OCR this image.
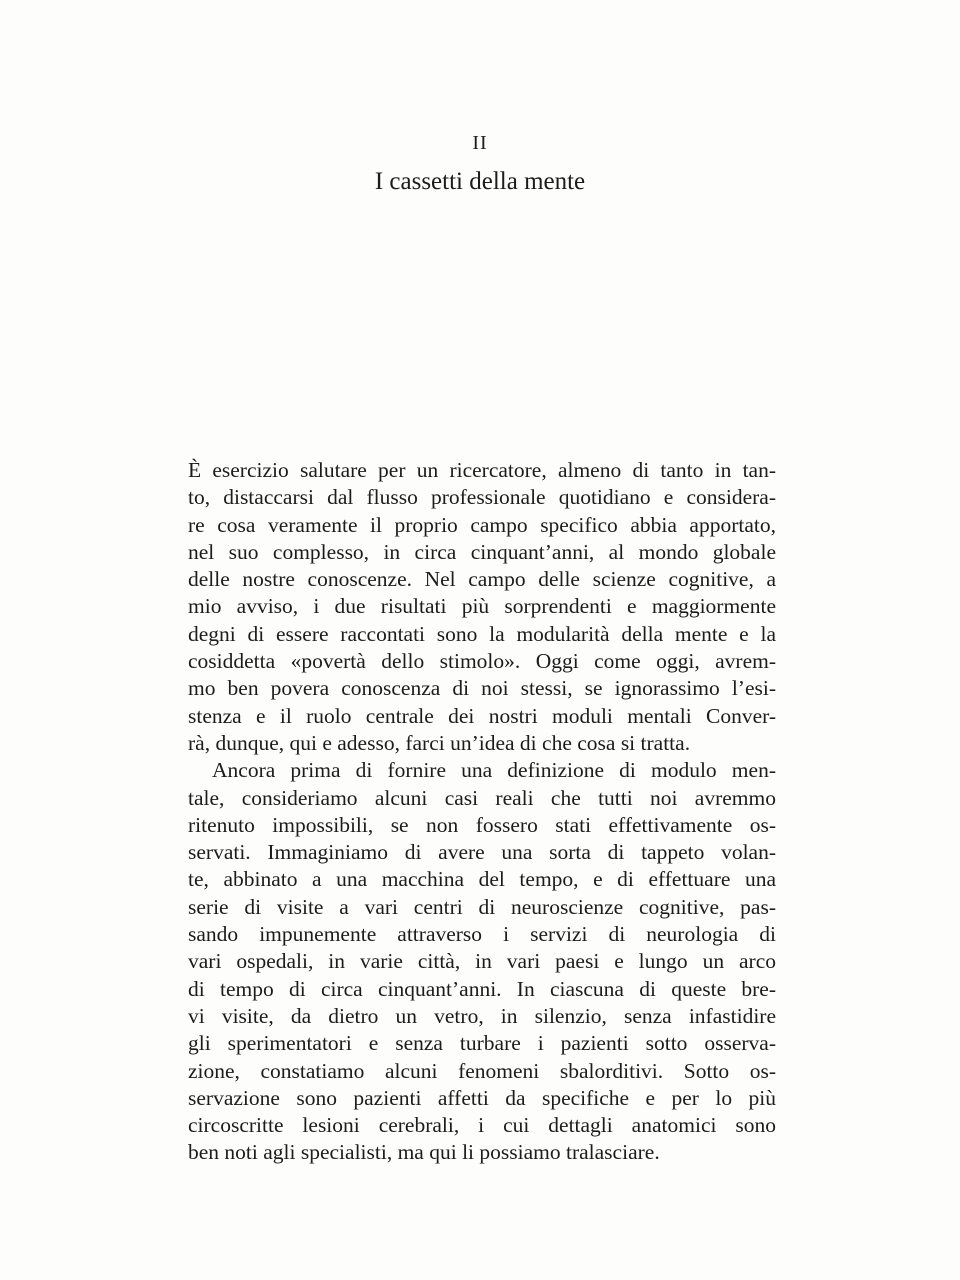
II
I cassetti della mente
È esercizio salutare per un ricercatore, almeno di tanto in tan-
to, distaccarsi dal flusso professionale quotidiano e considera-
re cosa veramente il proprio campo specifico abbia apportato,
nel suo complesso, in circa cinquant’anni, al mondo globale
delle nostre conoscenze. Nel campo delle scienze cognitive, a
mio avviso, i due risultati più sorprendenti e maggiormente
degni di essere raccontati sono la modularità della mente e la
cosiddetta «povertà dello stimolo». Oggi come oggi, avrem-
mo ben povera conoscenza di noi stessi, se ignorassimo l’esi-
stenza e il ruolo centrale dei nostri moduli mentali Conver-
rà, dunque, qui e adesso, farci un’idea di che cosa si tratta.
Ancora prima di fornire una definizione di modulo men-
tale, consideriamo alcuni casi reali che tutti noi avremmo
ritenuto impossibili, se non fossero stati effettivamente os-
servati. Immaginiamo di avere una sorta di tappeto volan-
te, abbinato a una macchina del tempo, e di effettuare una
serie di visite a vari centri di neuroscienze cognitive, pas-
sando impunemente attraverso i servizi di neurologia di
vari ospedali, in varie città, in vari paesi e lungo un arco
di tempo di circa cinquant’anni. In ciascuna di queste bre-
vi visite, da dietro un vetro, in silenzio, senza infastidire
gli sperimentatori e senza turbare i pazienti sotto osserva-
zione, constatiamo alcuni fenomeni sbalorditivi. Sotto os-
servazione sono pazienti affetti da specifiche e per lo più
circoscritte lesioni cerebrali, i cui dettagli anatomici sono
ben noti agli specialisti, ma qui li possiamo tralasciare.
